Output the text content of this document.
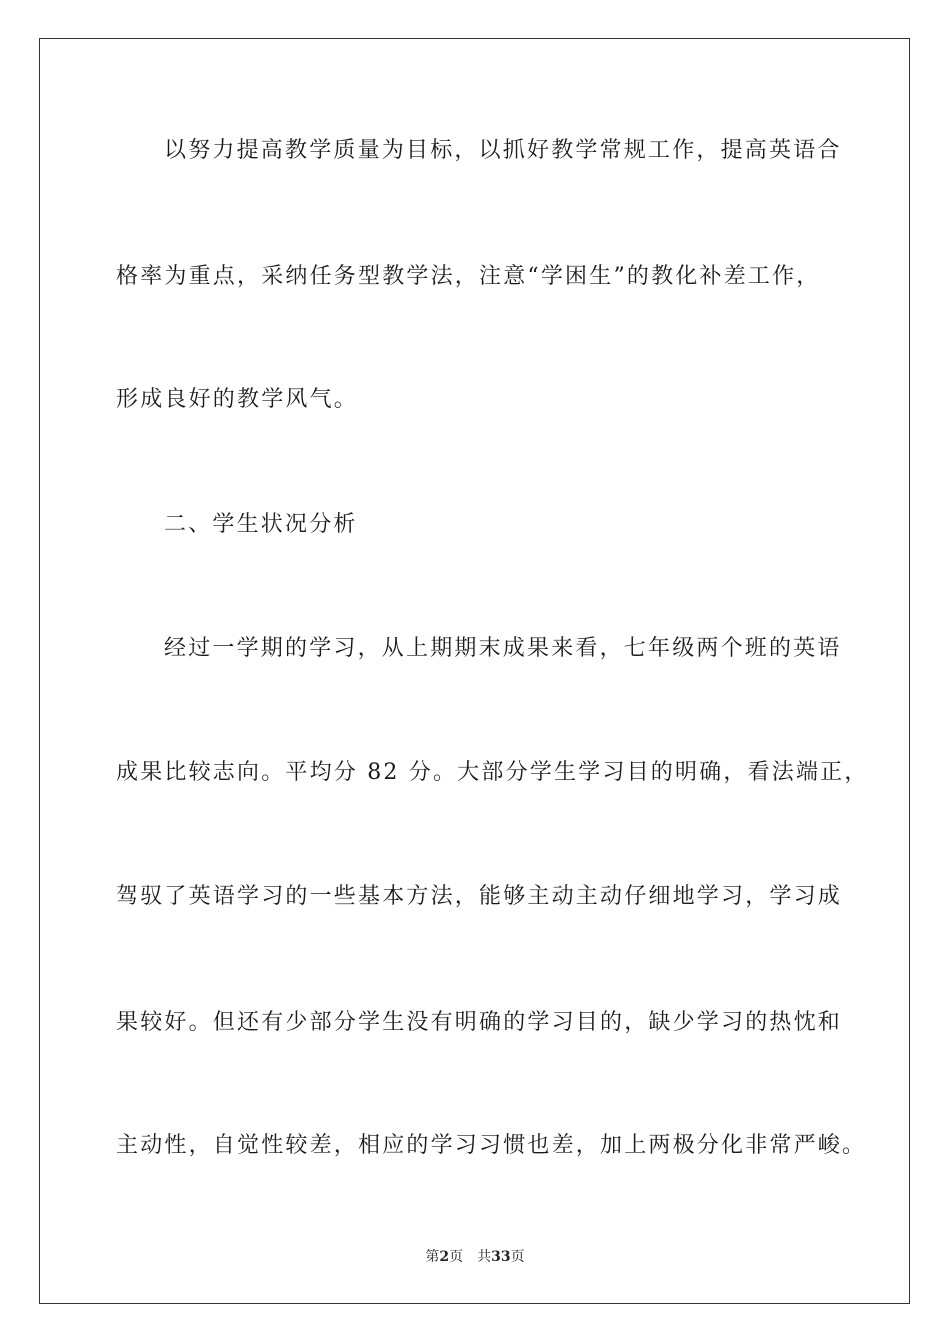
以努力提高教学质量为目标，以抓好教学常规工作，提高英语合
格率为重点，采纳任务型教学法，注意“学困生”的教化补差工作，
形成良好的教学风气。
二、学生状况分析
经过一学期的学习，从上期期末成果来看，七年级两个班的英语
成果比较志向。平均分 82 分。大部分学生学习目的明确，看法端正，
驾驭了英语学习的一些基本方法，能够主动主动仔细地学习，学习成
果较好。但还有少部分学生没有明确的学习目的，缺少学习的热忱和
主动性，自觉性较差，相应的学习习惯也差，加上两极分化非常严峻。
第2页 共33页
